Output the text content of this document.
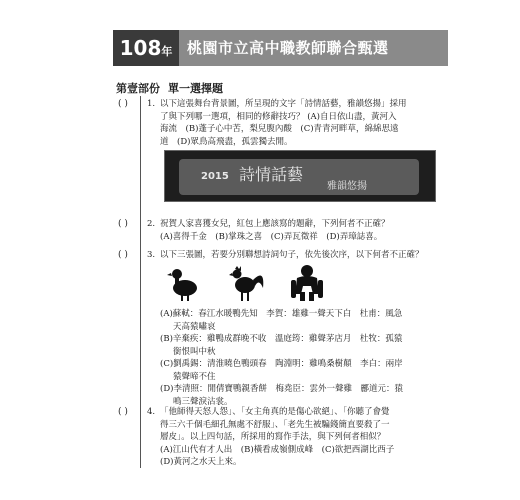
108年 桃園市立高中職教師聯合甄選
第壹部份 單一選擇題
( ) 1. 以下這張舞台背景圖，所呈現的文字「詩情話藝，雅韻悠揚」採用
了與下列哪一選項，相同的修辭技巧？ (A)自日依山盡，黃河入
海流　(B)蓬子心中苦，梨兒腹內酸　(C)青青河畔草，綿綿思遠
道　(D)眾鳥高飛盡，孤雲獨去閒。
2015 詩情話藝
雅韻悠揚
( ) 2. 祝賀人家喜獲女兒，紅包上應該寫的題辭，下列何者不正確？
(A)喜得千金　(B)掌珠之喜　(C)弄瓦徵祥　(D)弄璋誌喜。
( ) 3. 以下三張圖，若要分別聯想詩詞句子，依先後次序，以下何者不正確？
(A)蘇軾：春江水暖鴨先知　李賀：雄雞一聲天下白　杜甫：風急
天高猿嘯哀
(B)辛棄疾：雞鴨成群晚不收　溫庭筠：雞聲茅店月　杜牧：孤猿
銜恨叫中秋
(C)劉禹錫：清淮曉色鴨頭春　陶淵明：雞鳴桑樹顛　李白：兩岸
猿聲啼不住
(D)李清照：閒倩寶鴨親香餅　梅堯臣：雲外一聲雞　酈道元：猿
鳴三聲淚沾裳。
( ) 4. 「他師得天怒人怨」、「女主角真的是傷心欲絕」、「你聽了會覺
得三六千個毛細孔無處不舒服」、「老先生被騙錢簡直要殺了一
層皮」。以上四句話，所採用的寫作手法，與下列何者相似？
(A)江山代有才人出　(B)橫看成嶺側成峰　(C)欲把西湖比西子
(D)黃河之水天上來。
